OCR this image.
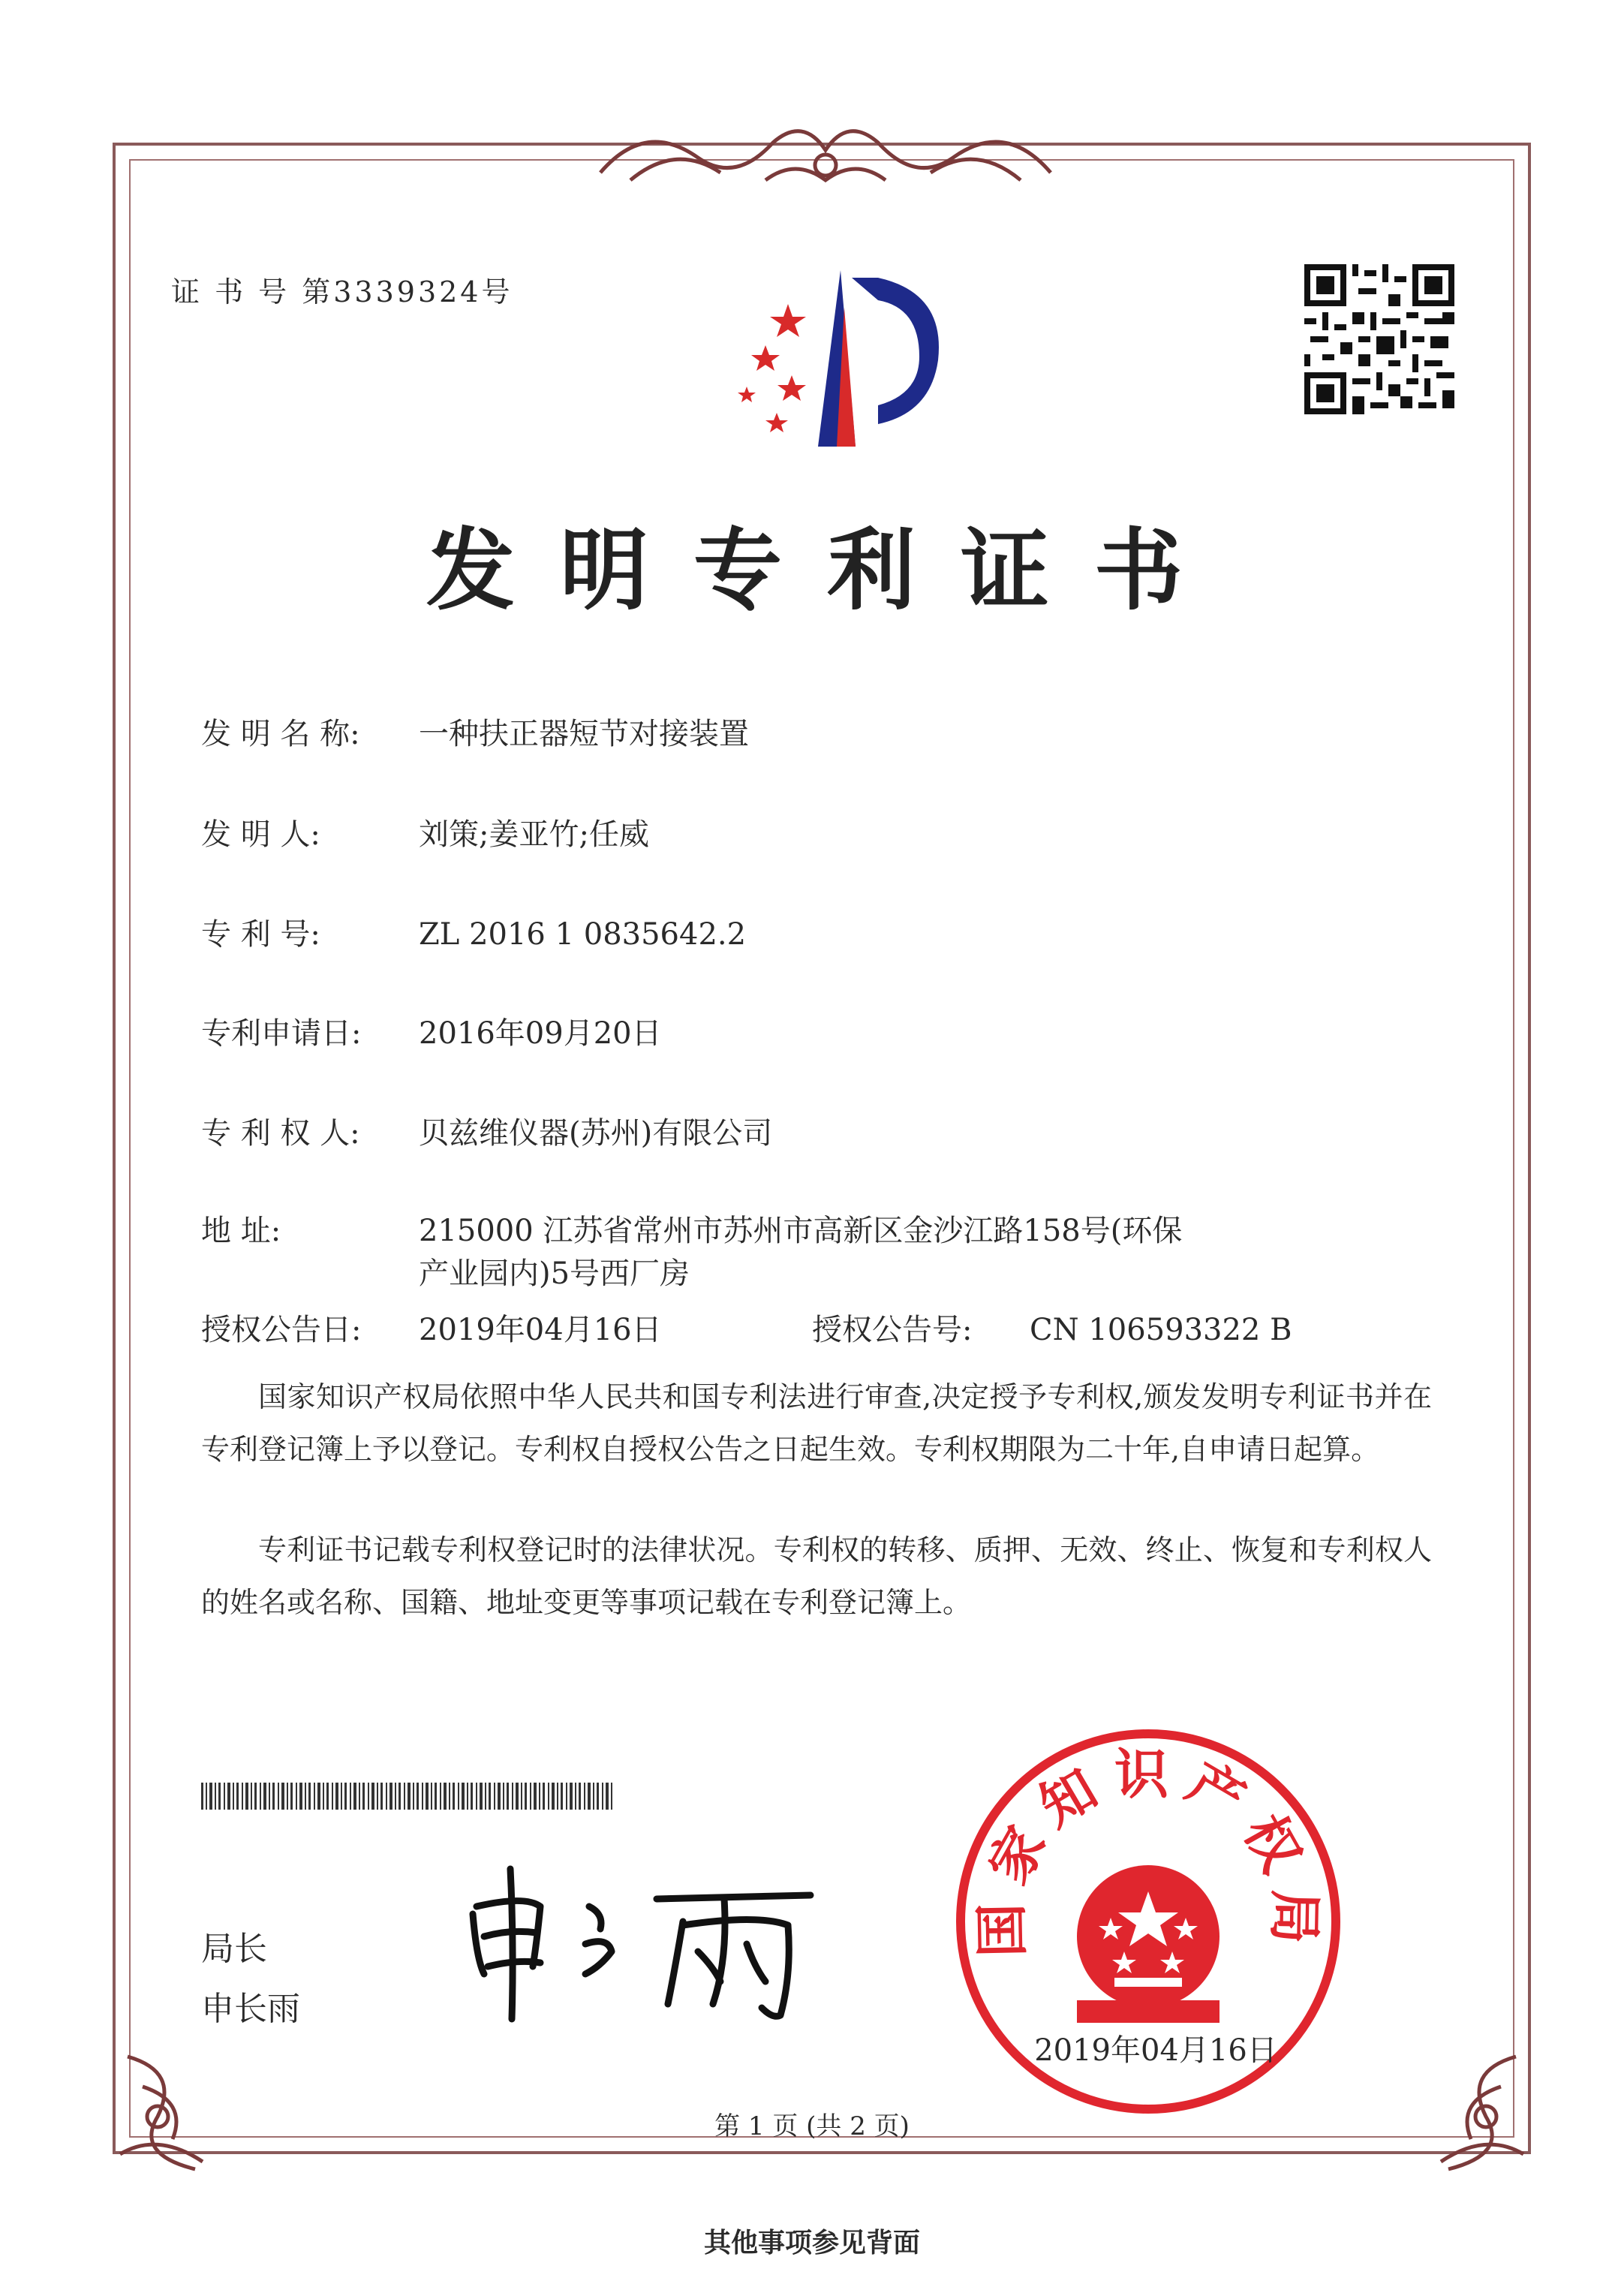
证 书 号 第3339324号
发明专利证书
发 明 名 称: 一种扶正器短节对接装置
发 明 人:	刘策;姜亚竹;任威
专 利 号:	ZL 2016 1 0835642.2
专利申请日: 2016年09月20日
专 利 权 人: 贝兹维仪器(苏州)有限公司
地 址:	215000 江苏省常州市苏州市高新区金沙江路158号(环保
产业园内)5号西厂房
授权公告日: 2019年04月16日	授权公告号: CN 106593322 B
国家知识产权局依照中华人民共和国专利法进行审查,决定授予专利权,颁发发明专利证书并在专利登记簿上予以登记。专利权自授权公告之日起生效。专利权期限为二十年,自申请日起算。
专利证书记载专利权登记时的法律状况。专利权的转移、质押、无效、终止、恢复和专利权人的姓名或名称、国籍、地址变更等事项记载在专利登记簿上。
局长
申长雨
国家知识产权局
2019年04月16日
第 1 页 (共 2 页)
其他事项参见背面
